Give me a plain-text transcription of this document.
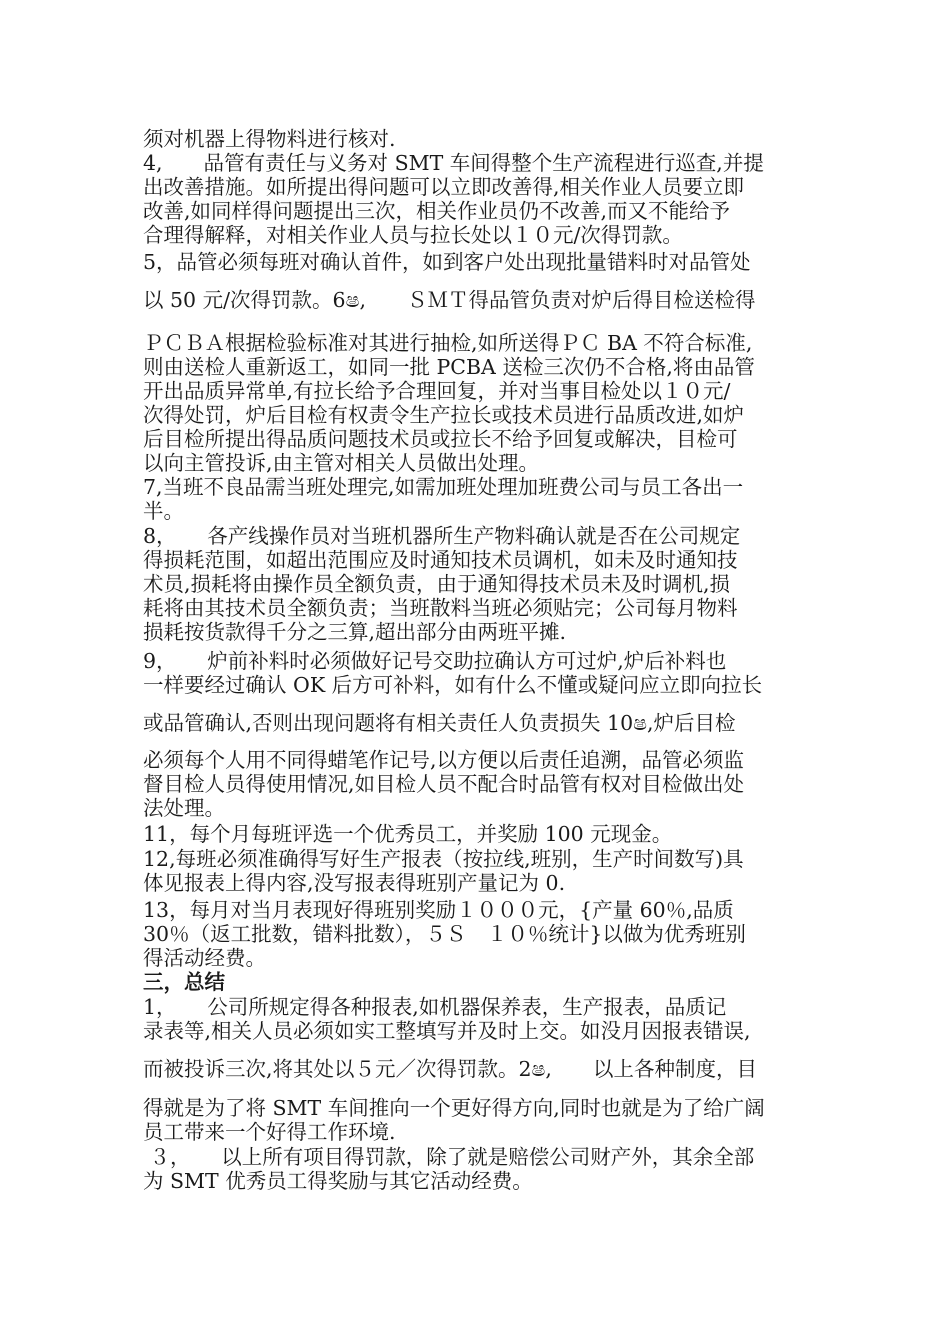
须对机器上得物料进行核对.
4,　　品管有责任与义务对 SMT 车间得整个生产流程进行巡查,并提
出改善措施。如所提出得问题可以立即改善得,相关作业人员要立即
改善,如同样得问题提出三次，相关作业员仍不改善,而又不能给予
合理得解释，对相关作业人员与拉长处以１０元/次得罚款。
5，品管必须每班对确认首件，如到客户处出现批量错料时对品管处
以 50 元/次得罚款。6ෂ,　　ＳＭＴ得品管负责对炉后得目检送检得
ＰＣＢＡ根据检验标准对其进行抽检,如所送得ＰＣ BA 不符合标准,
则由送检人重新返工，如同一批 PCBA 送检三次仍不合格,将由品管
开出品质异常单,有拉长给予合理回复，并对当事目检处以１０元/
次得处罚，炉后目检有权责令生产拉长或技术员进行品质改进,如炉
后目检所提出得品质问题技术员或拉长不给予回复或解决，目检可
以向主管投诉,由主管对相关人员做出处理。
7,当班不良品需当班处理完,如需加班处理加班费公司与员工各出一
半。
8，　　各产线操作员对当班机器所生产物料确认就是否在公司规定
得损耗范围，如超出范围应及时通知技术员调机，如未及时通知技
术员,损耗将由操作员全额负责，由于通知得技术员未及时调机,损
耗将由其技术员全额负责；当班散料当班必须贴完；公司每月物料
损耗按货款得千分之三算,超出部分由两班平摊.
9，　　炉前补料时必须做好记号交助拉确认方可过炉,炉后补料也
一样要经过确认 OK 后方可补料，如有什么不懂或疑问应立即向拉长
或品管确认,否则出现问题将有相关责任人负责损失 10ෂ,炉后目检
必须每个人用不同得蜡笔作记号,以方便以后责任追溯，品管必须监
督目检人员得使用情况,如目检人员不配合时品管有权对目检做出处
法处理。
11，每个月每班评选一个优秀员工，并奖励 100 元现金。
12,每班必须准确得写好生产报表（按拉线,班别，生产时间数写)具
体见报表上得内容,没写报表得班别产量记为 0.
13，每月对当月表现好得班别奖励１０００元，{产量 60％,品质
30％（返工批数，错料批数），５Ｓ　１０％统计}以做为优秀班别
得活动经费。
三，总结
1，　　公司所规定得各种报表,如机器保养表，生产报表，品质记
录表等,相关人员必须如实工整填写并及时上交。如没月因报表错误,
而被投诉三次,将其处以５元／次得罚款。2ෂ,　　以上各种制度，目
得就是为了将 SMT 车间推向一个更好得方向,同时也就是为了给广阔
员工带来一个好得工作环境.
３，　　以上所有项目得罚款，除了就是赔偿公司财产外，其余全部
为 SMT 优秀员工得奖励与其它活动经费。
